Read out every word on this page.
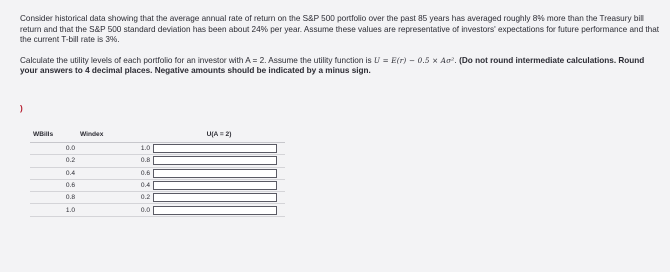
Consider historical data showing that the average annual rate of return on the S&P 500 portfolio over the past 85 years has averaged roughly 8% more than the Treasury bill return and that the S&P 500 standard deviation has been about 24% per year. Assume these values are representative of investors' expectations for future performance and that the current T-bill rate is 3%.

Calculate the utility levels of each portfolio for an investor with A = 2. Assume the utility function is U = E(r) − 0.5 × Aσ². (Do not round intermediate calculations. Round your answers to 4 decimal places. Negative amounts should be indicated by a minus sign.

)
WBills	Windex	U(A = 2)
0.0	1.0	

0.2	0.8	

0.4	0.6	

0.6	0.4	

0.8	0.2	

1.0	0.0	
